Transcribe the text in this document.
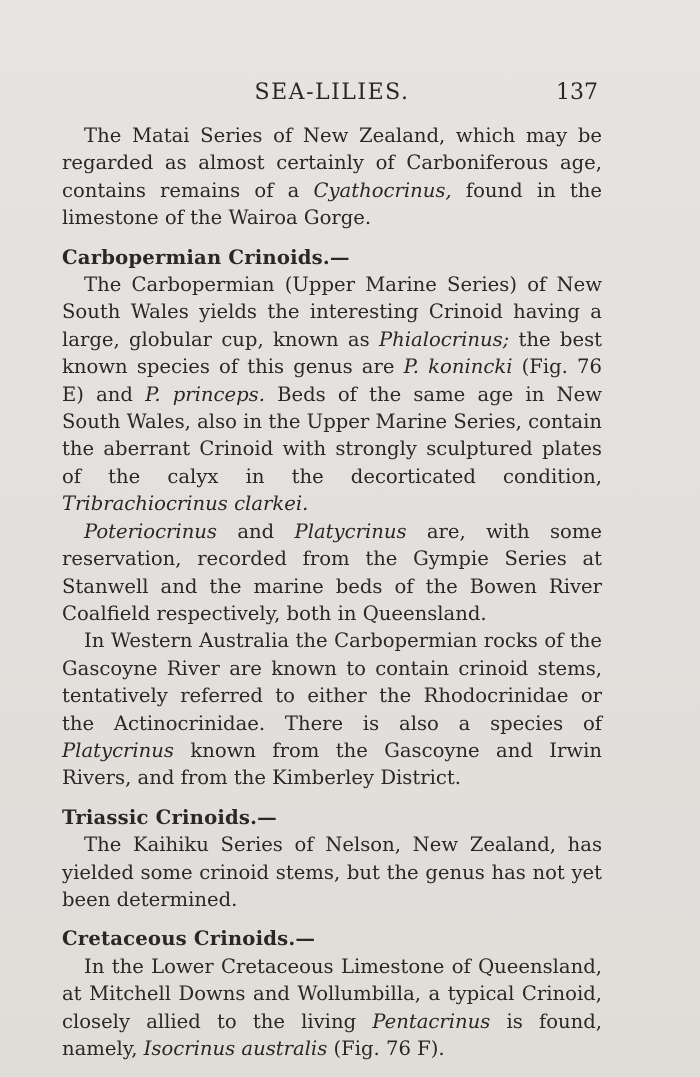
SEA-LILIES.	137

The Matai Series of New Zealand, which may be regarded as almost certainly of Carboniferous age, contains remains of a Cyathocrinus, found in the limestone of the Wairoa Gorge.

Carbopermian Crinoids.—

The Carbopermian (Upper Marine Series) of New South Wales yields the interesting Crinoid having a large, globular cup, known as Phialocrinus; the best known species of this genus are P. konincki (Fig. 76 E) and P. princeps. Beds of the same age in New South Wales, also in the Upper Marine Series, contain the aberrant Crinoid with strongly sculptured plates of the calyx in the decorticated condition, Tribrachiocrinus clarkei.

Poteriocrinus and Platycrinus are, with some reservation, recorded from the Gympie Series at Stanwell and the marine beds of the Bowen River Coalfield respectively, both in Queensland.

In Western Australia the Carbopermian rocks of the Gascoyne River are known to contain crinoid stems, tentatively referred to either the Rhodocrinidae or the Actinocrinidae. There is also a species of Platycrinus known from the Gascoyne and Irwin Rivers, and from the Kimberley District.

Triassic Crinoids.—

The Kaihiku Series of Nelson, New Zealand, has yielded some crinoid stems, but the genus has not yet been determined.

Cretaceous Crinoids.—

In the Lower Cretaceous Limestone of Queensland, at Mitchell Downs and Wollumbilla, a typical Crinoid, closely allied to the living Pentacrinus is found, namely, Isocrinus australis (Fig. 76 F).
